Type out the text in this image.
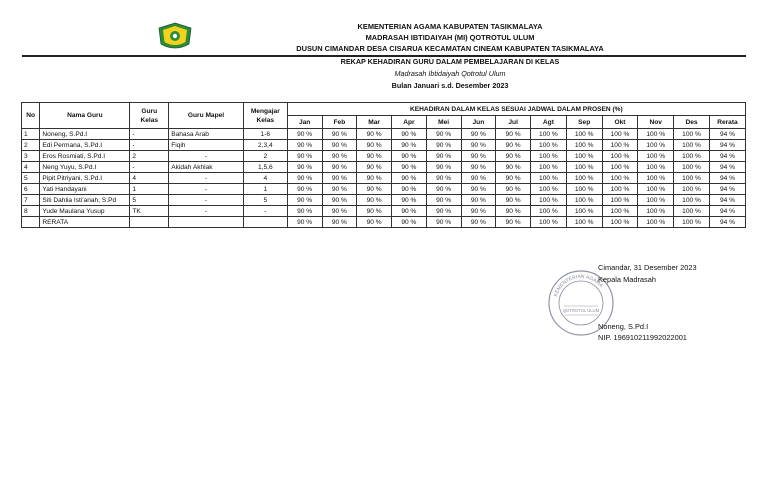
KEMENTERIAN AGAMA KABUPATEN TASIKMALAYA
MADRASAH IBTIDAIYAH (MI) QOTROTUL ULUM
DUSUN CIMANDAR DESA CISARUA KECAMATAN CINEAM KABUPATEN TASIKMALAYA
REKAP KEHADIRAN GURU DALAM PEMBELAJARAN DI KELAS
Madrasah Ibtidaiyah Qotrotul Ulum
Bulan Januari s.d. Desember 2023
No	Nama Guru	Guru Kelas	Guru Mapel	Mengajar Kelas	KEHADIRAN DALAM KELAS SESUAI JADWAL DALAM PROSEN (%)												
					Jan	Feb	Mar	Apr	Mei	Jun	Jul	Agt	Sep	Okt	Nov	Des	Rerata
1	Noneng, S.Pd.I	-	Bahasa Arab	1-6	90 %	90 %	90 %	90 %	90 %	90 %	90 %	100 %	100 %	100 %	100 %	100 %	94 %
2	Edi Permana, S.Pd.I	-	Fiqih	2,3,4	90 %	90 %	90 %	90 %	90 %	90 %	90 %	100 %	100 %	100 %	100 %	100 %	94 %
3	Eros Rosmiati, S.Pd.I	2	-	2	90 %	90 %	90 %	90 %	90 %	90 %	90 %	100 %	100 %	100 %	100 %	100 %	94 %
4	Neng Yuyu, S.Pd.I	-	Akidah Akhlak	1,5,6	90 %	90 %	90 %	90 %	90 %	90 %	90 %	100 %	100 %	100 %	100 %	100 %	94 %
5	Pipit Pitriyani, S.Pd.I	4	-	4	90 %	90 %	90 %	90 %	90 %	90 %	90 %	100 %	100 %	100 %	100 %	100 %	94 %
6	Yati Handayani	1	-	1	90 %	90 %	90 %	90 %	90 %	90 %	90 %	100 %	100 %	100 %	100 %	100 %	94 %
7	Siti Dahlia Isti'anah, S.Pd	5	-	5	90 %	90 %	90 %	90 %	90 %	90 %	90 %	100 %	100 %	100 %	100 %	100 %	94 %
8	Yude Maulana Yusup	TK	-	-	90 %	90 %	90 %	90 %	90 %	90 %	90 %	100 %	100 %	100 %	100 %	100 %	94 %
	RERATA				90 %	90 %	90 %	90 %	90 %	90 %	90 %	100 %	100 %	100 %	100 %	100 %	94 %
KEMENTERIAN AGAMA
QOTROTUL ULUM
Cimandar, 31 Desember 2023
Kepala Madrasah
Noneng, S.Pd.I
NIP. 196910211992022001
